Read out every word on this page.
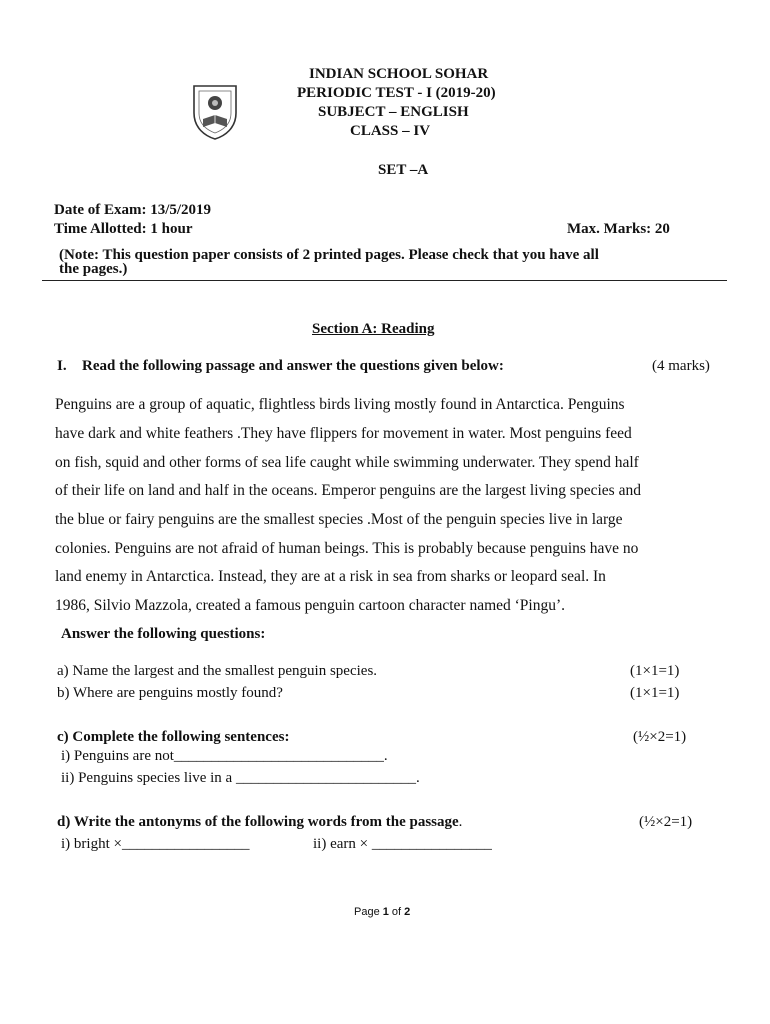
INDIAN SCHOOL SOHAR
PERIODIC TEST - I (2019-20)
SUBJECT – ENGLISH
CLASS – IV
SET –A
Date of Exam: 13/5/2019
Time Allotted: 1 hour	Max. Marks: 20
(Note: This question paper consists of 2 printed pages. Please check that you have all
the pages.)
Section A: Reading
I. Read the following passage and answer the questions given below:	(4 marks)
Penguins are a group of aquatic, flightless birds living mostly found in Antarctica. Penguins
have dark and white feathers .They have flippers for movement in water. Most penguins feed
on fish, squid and other forms of sea life caught while swimming underwater. They spend half
of their life on land and half in the oceans. Emperor penguins are the largest living species and
the blue or fairy penguins are the smallest species .Most of the penguin species live in large
colonies. Penguins are not afraid of human beings. This is probably because penguins have no
land enemy in Antarctica. Instead, they are at a risk in sea from sharks or leopard seal. In
1986, Silvio Mazzola, created a famous penguin cartoon character named ‘Pingu’.
Answer the following questions:
a) Name the largest and the smallest penguin species.	(1×1=1)
b) Where are penguins mostly found?	(1×1=1)
c) Complete the following sentences:	(½×2=1)
i) Penguins are not____________________________.
ii) Penguins species live in a ________________________.
d) Write the antonyms of the following words from the passage.	(½×2=1)
i) bright ×_________________	ii) earn × ________________
Page 1 of 2
